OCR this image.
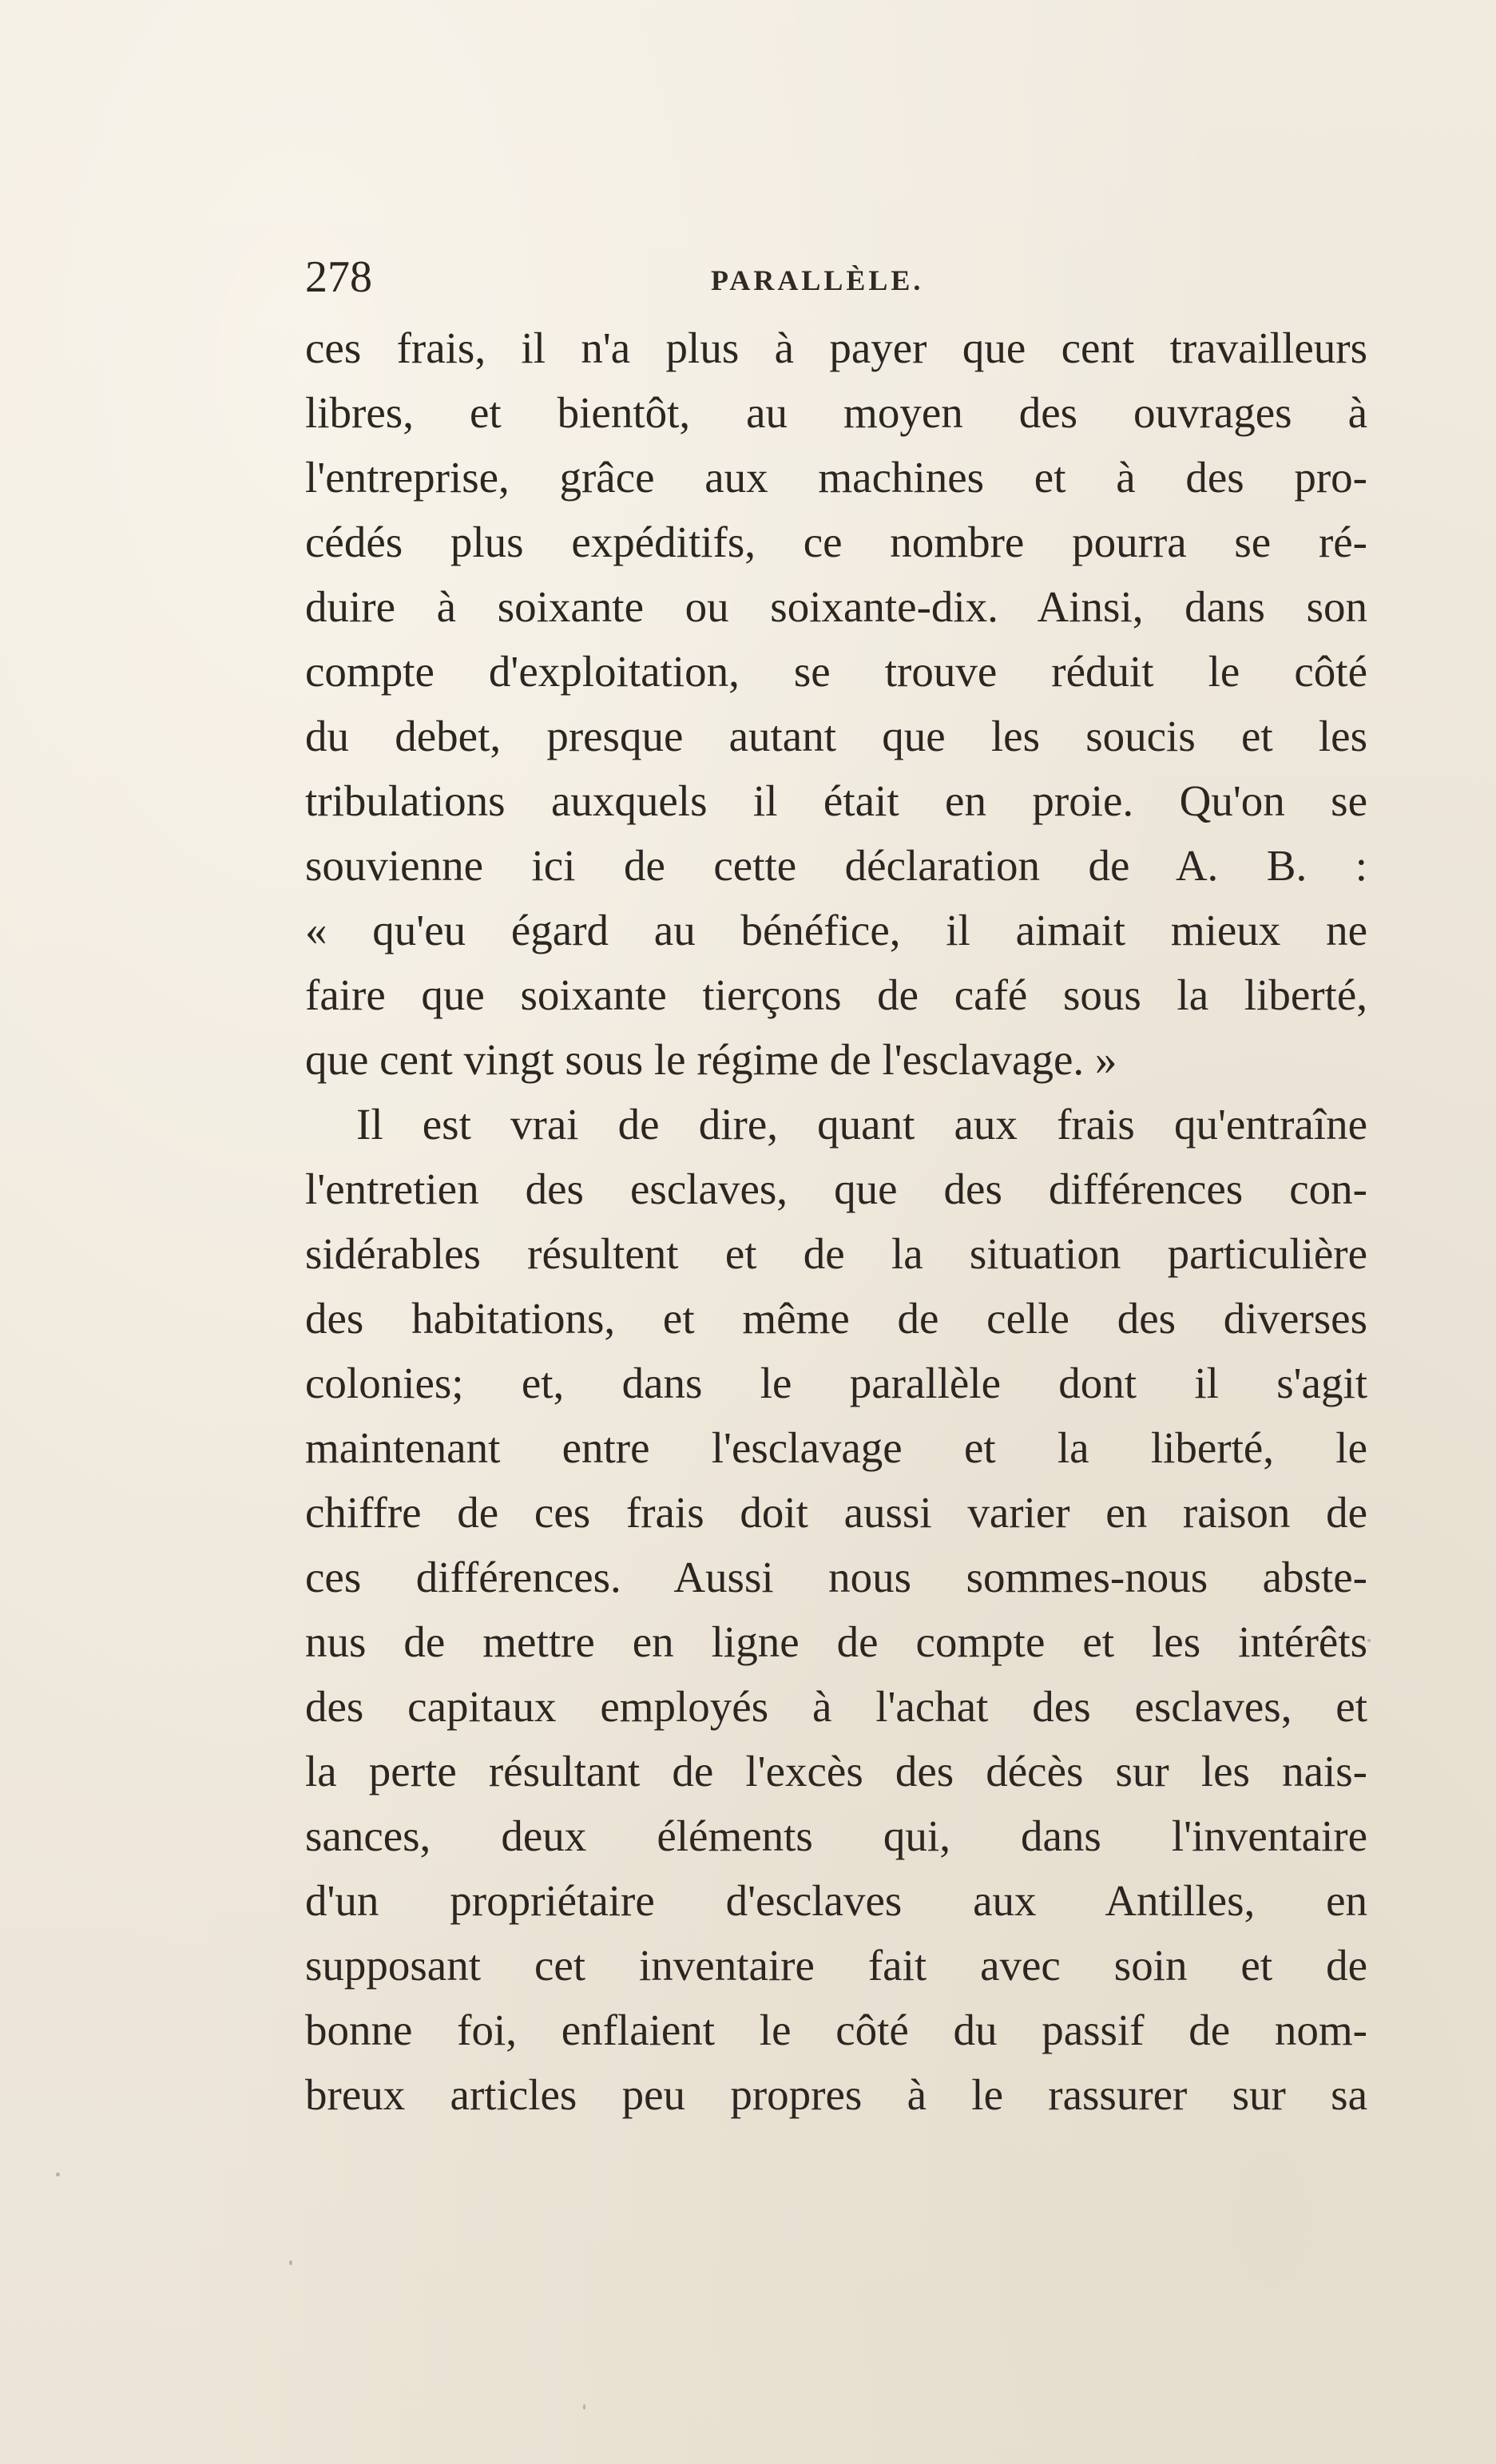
278	PARALLÈLE.
ces frais, il n'a plus à payer que cent travailleurs
libres, et bientôt, au moyen des ouvrages à
l'entreprise, grâce aux machines et à des pro-
cédés plus expéditifs, ce nombre pourra se ré-
duire à soixante ou soixante-dix. Ainsi, dans son
compte d'exploitation, se trouve réduit le côté
du debet, presque autant que les soucis et les
tribulations auxquels il était en proie. Qu'on se
souvienne ici de cette déclaration de A. B. :
« qu'eu égard au bénéfice, il aimait mieux ne
faire que soixante tierçons de café sous la liberté,
que cent vingt sous le régime de l'esclavage. »
Il est vrai de dire, quant aux frais qu'entraîne
l'entretien des esclaves, que des différences con-
sidérables résultent et de la situation particulière
des habitations, et même de celle des diverses
colonies; et, dans le parallèle dont il s'agit
maintenant entre l'esclavage et la liberté, le
chiffre de ces frais doit aussi varier en raison de
ces différences. Aussi nous sommes-nous abste-
nus de mettre en ligne de compte et les intérêts
des capitaux employés à l'achat des esclaves, et
la perte résultant de l'excès des décès sur les nais-
sances, deux éléments qui, dans l'inventaire
d'un propriétaire d'esclaves aux Antilles, en
supposant cet inventaire fait avec soin et de
bonne foi, enflaient le côté du passif de nom-
breux articles peu propres à le rassurer sur sa
